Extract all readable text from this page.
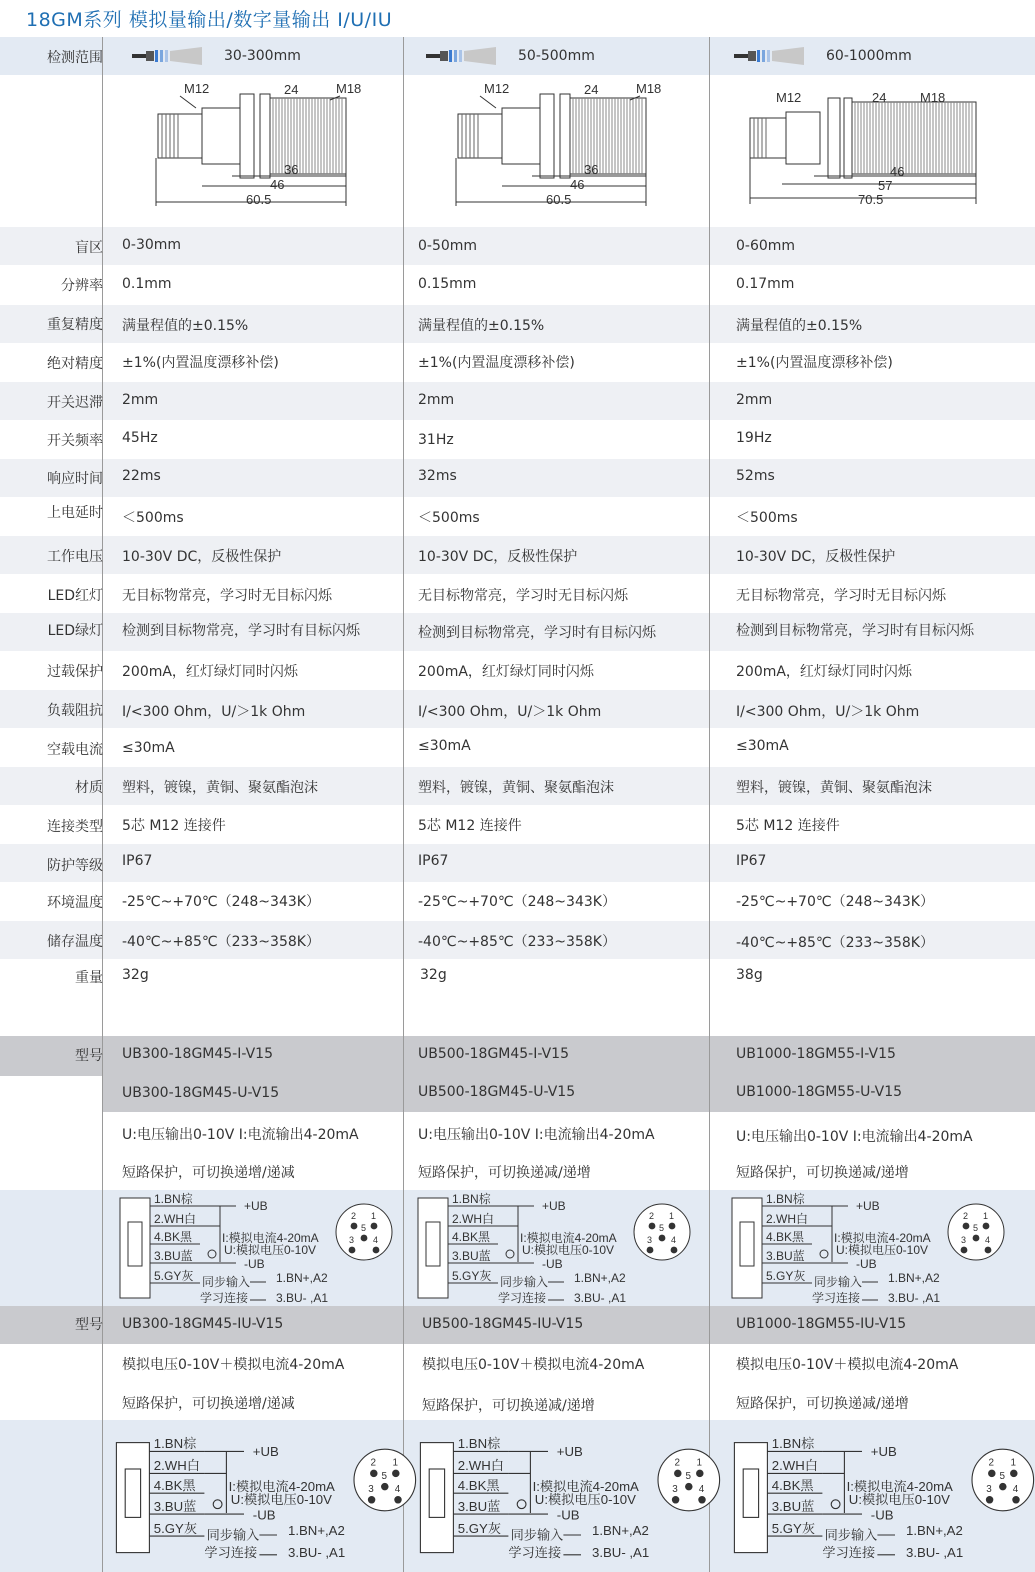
18GM系列 模拟量输出/数字量输出 I/U/IU
检测范围	30-300mm	50-500mm	60-1000mm
M12	24	M18
36
46
60.5
M12	24	M18
36
46
60.5
M12	24	M18
46
57
70.5
盲区 0-30mm	0-50mm	0-60mm
分辨率 0.1mm	0.15mm	0.17mm
重复精度 满量程值的±0.15%	满量程值的±0.15%	满量程值的±0.15%
绝对精度 ±1%(内置温度漂移补偿)	±1%(内置温度漂移补偿)	±1%(内置温度漂移补偿)
开关迟滞 2mm	2mm	2mm
开关频率 45Hz	31Hz	19Hz
响应时间 22ms	32ms	52ms
上电延时 ＜500ms	＜500ms	＜500ms
工作电压 10-30V DC，反极性保护	10-30V DC，反极性保护	10-30V DC，反极性保护
LED红灯 无目标物常亮，学习时无目标闪烁	无目标物常亮，学习时无目标闪烁	无目标物常亮，学习时无目标闪烁
LED绿灯 检测到目标物常亮，学习时有目标闪烁	检测到目标物常亮，学习时有目标闪烁	检测到目标物常亮，学习时有目标闪烁
过载保护 200mA，红灯绿灯同时闪烁	200mA，红灯绿灯同时闪烁	200mA，红灯绿灯同时闪烁
负载阻抗 I/<300 Ohm，U/＞1k Ohm	I/<300 Ohm，U/＞1k Ohm	I/<300 Ohm，U/＞1k Ohm
空载电流 ≤30mA	≤30mA	≤30mA
材质 塑料，镀镍，黄铜、聚氨酯泡沫	塑料，镀镍，黄铜、聚氨酯泡沫	塑料，镀镍，黄铜、聚氨酯泡沫
连接类型 5芯 M12 连接件	5芯 M12 连接件	5芯 M12 连接件
防护等级 IP67	IP67	IP67
环境温度 -25℃~+70℃（248~343K）	-25℃~+70℃（248~343K）	-25℃~+70℃（248~343K）
储存温度 -40℃~+85℃（233~358K）	-40℃~+85℃（233~358K）	-40℃~+85℃（233~358K）
重量 32g	32g	38g
型号 UB300-18GM45-I-V15	UB500-18GM45-I-V15	UB1000-18GM55-I-V15
UB300-18GM45-U-V15	UB500-18GM45-U-V15	UB1000-18GM55-U-V15
U:电压输出0-10V I:电流输出4-20mA	U:电压输出0-10V I:电流输出4-20mA	U:电压输出0-10V I:电流输出4-20mA
短路保护，可切换递增/递减	短路保护，可切换递减/递增	短路保护，可切换递减/递增
1.BN棕
2.WH白
4.BK黑
3.BU蓝
5.GY灰
+UB
I:模拟电流4-20mA
U:模拟电压0-10V
-UB
同步输入
学习连接
1.BN+,A2
3.BU- ,A1
2 1
5
3 4
1.BN棕
2.WH白
4.BK黑
3.BU蓝
5.GY灰
+UB
I:模拟电流4-20mA
U:模拟电压0-10V
-UB
同步输入
学习连接
1.BN+,A2
3.BU- ,A1
2 1
5
3 4
1.BN棕
2.WH白
4.BK黑
3.BU蓝
5.GY灰
+UB
I:模拟电流4-20mA
U:模拟电压0-10V
-UB
同步输入
学习连接
1.BN+,A2
3.BU- ,A1
2 1
5
3 4
型号 UB300-18GM45-IU-V15	UB500-18GM45-IU-V15	UB1000-18GM55-IU-V15
模拟电压0-10V＋模拟电流4-20mA	模拟电压0-10V＋模拟电流4-20mA	模拟电压0-10V＋模拟电流4-20mA
短路保护，可切换递增/递减	短路保护，可切换递减/递增	短路保护，可切换递减/递增
1.BN棕
2.WH白
4.BK黑
3.BU蓝
5.GY灰
+UB
I:模拟电流4-20mA
U:模拟电压0-10V
-UB
同步输入
学习连接
1.BN+,A2
3.BU- ,A1
2 1
5
3 4
1.BN棕
2.WH白
4.BK黑
3.BU蓝
5.GY灰
+UB
I:模拟电流4-20mA
U:模拟电压0-10V
-UB
同步输入
学习连接
1.BN+,A2
3.BU- ,A1
2 1
5
3 4
1.BN棕
2.WH白
4.BK黑
3.BU蓝
5.GY灰
+UB
I:模拟电流4-20mA
U:模拟电压0-10V
-UB
同步输入
学习连接
1.BN+,A2
3.BU- ,A1
2 1
5
3 4
